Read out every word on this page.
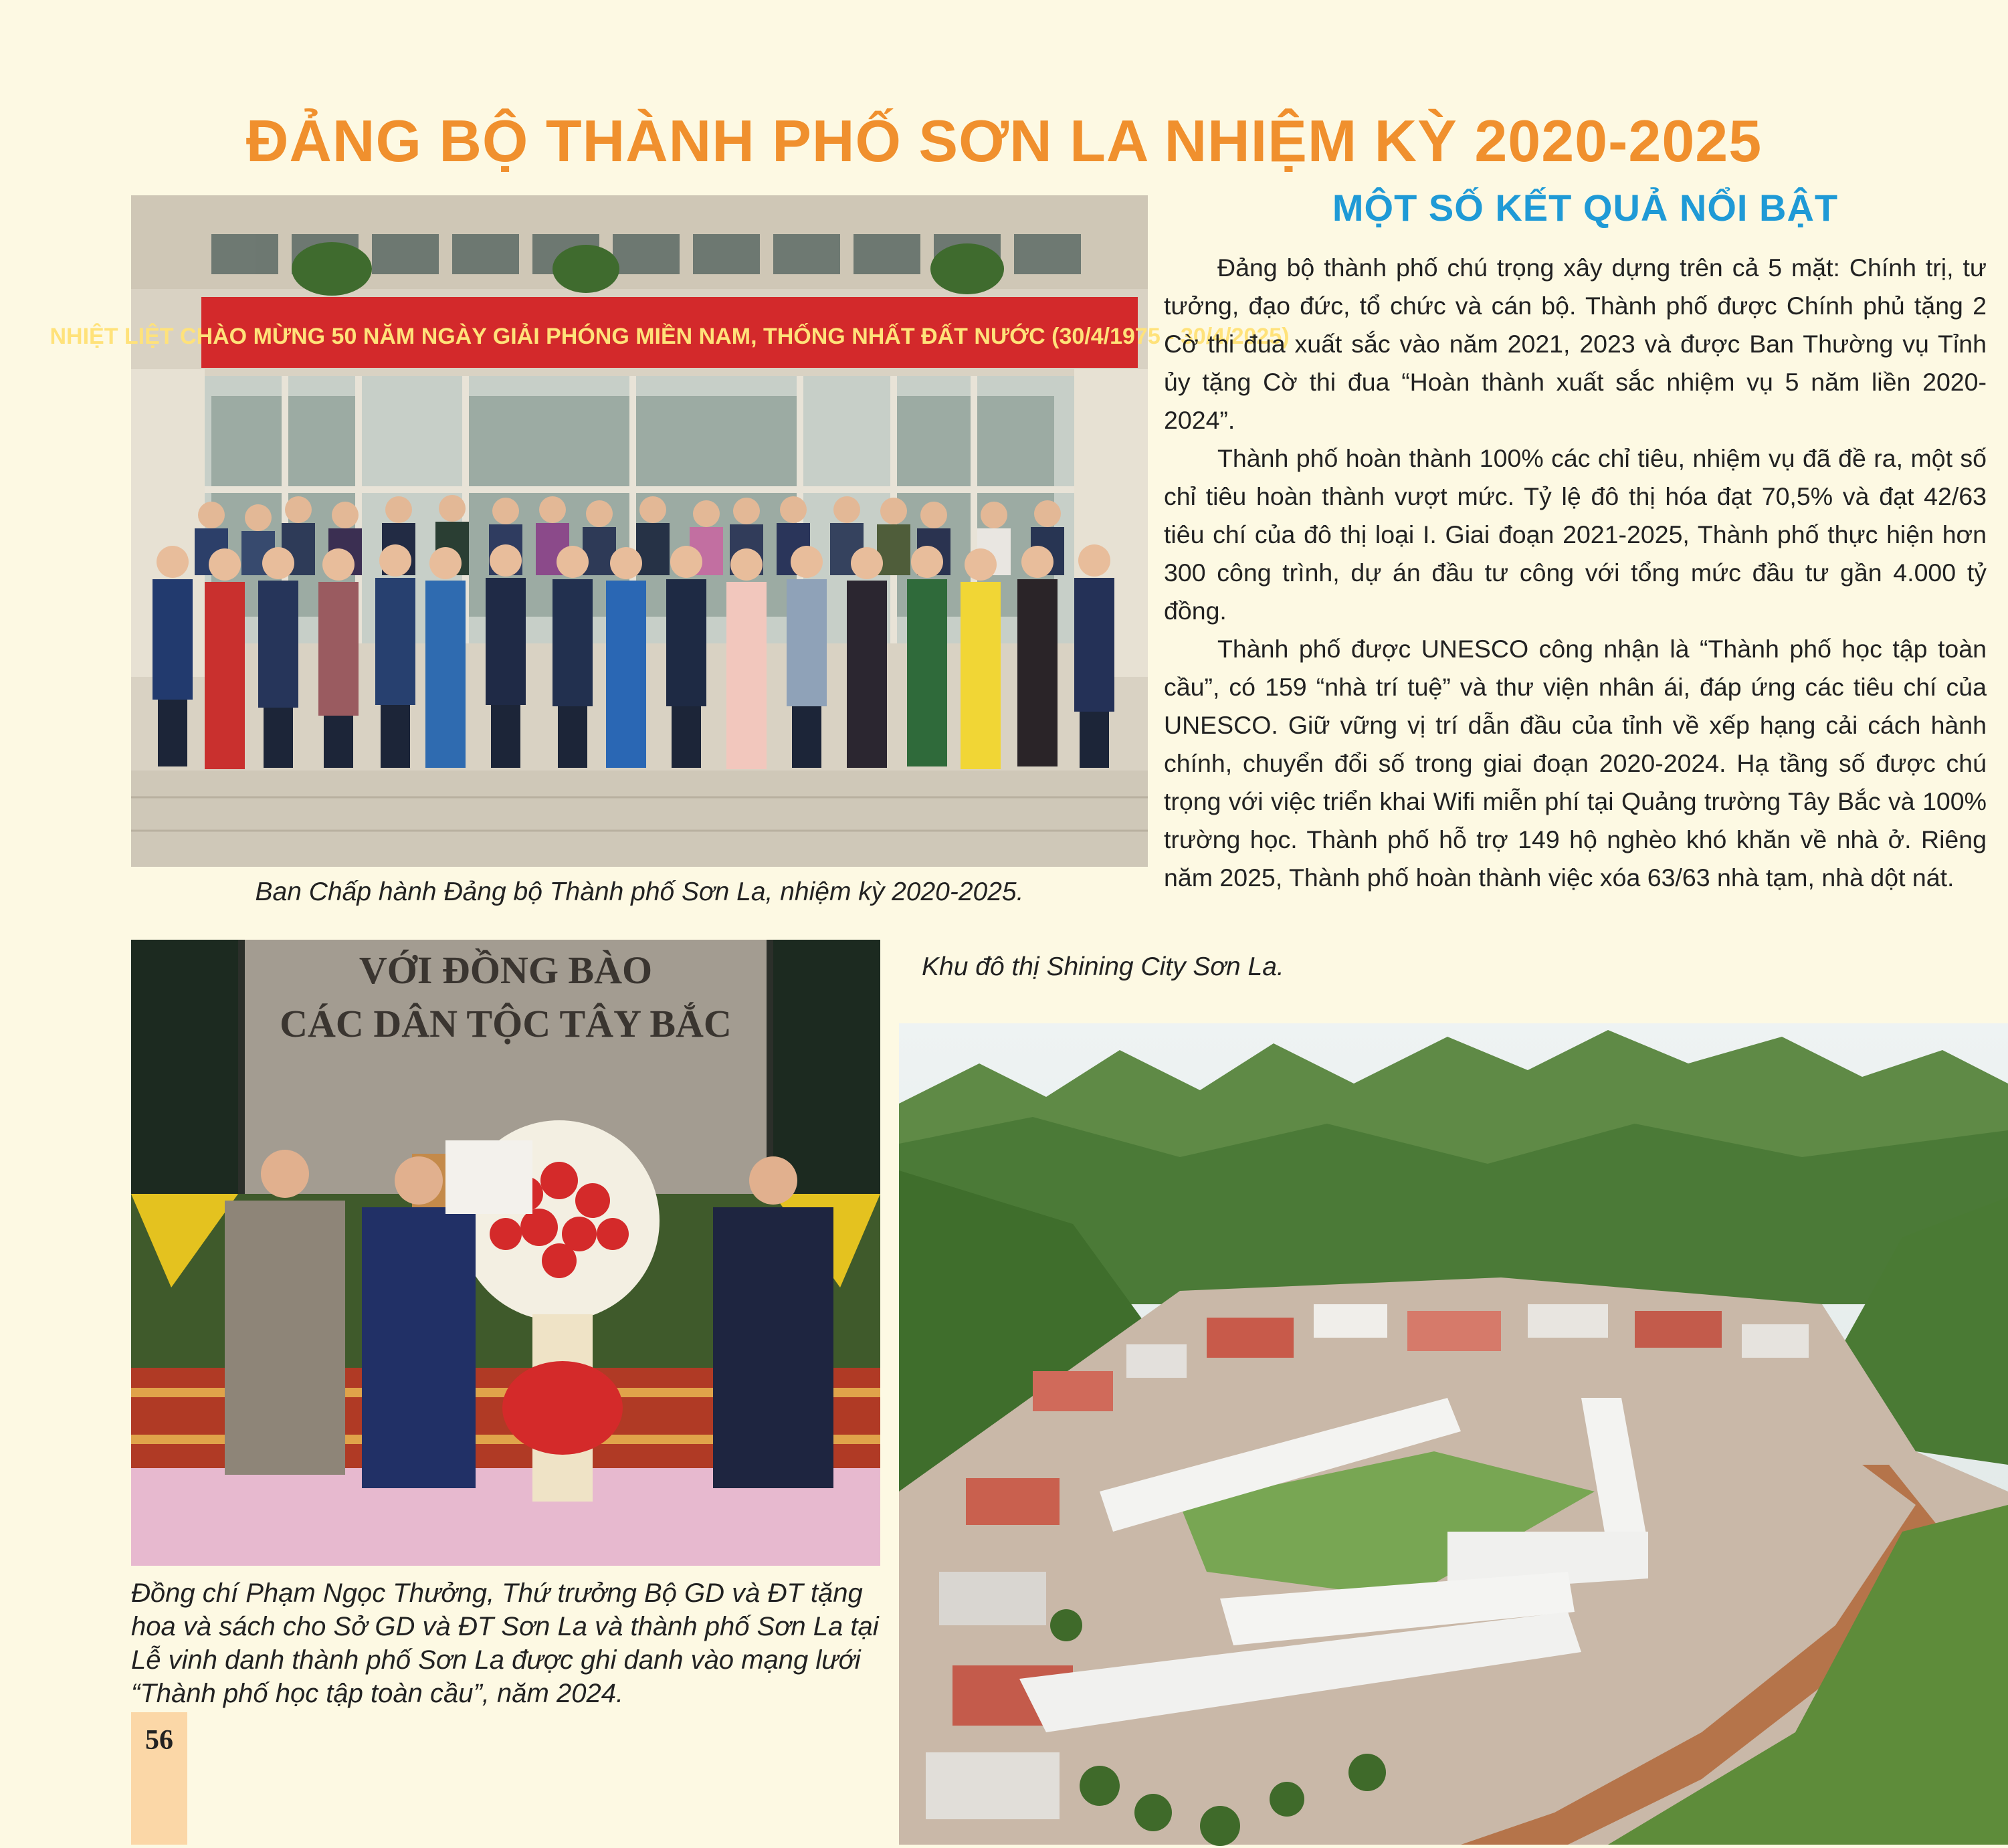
ĐẢNG BỘ THÀNH PHỐ SƠN LA NHIỆM KỲ 2020-2025
NHIỆT LIỆT CHÀO MỪNG 50 NĂM NGÀY GIẢI PHÓNG MIỀN NAM, THỐNG NHẤT ĐẤT NƯỚC (30/4/1975 - 30/4/2025)
Ban Chấp hành Đảng bộ Thành phố Sơn La, nhiệm kỳ 2020-2025.
MỘT SỐ KẾT QUẢ NỔI BẬT

Đảng bộ thành phố chú trọng xây dựng trên cả 5 mặt: Chính trị, tư tưởng, đạo đức, tổ chức và cán bộ. Thành phố được Chính phủ tặng 2 Cờ thi đua xuất sắc vào năm 2021, 2023 và được Ban Thường vụ Tỉnh ủy tặng Cờ thi đua “Hoàn thành xuất sắc nhiệm vụ 5 năm liền 2020-2024”.

Thành phố hoàn thành 100% các chỉ tiêu, nhiệm vụ đã đề ra, một số chỉ tiêu hoàn thành vượt mức. Tỷ lệ đô thị hóa đạt 70,5% và đạt 42/63 tiêu chí của đô thị loại I. Giai đoạn 2021-2025, Thành phố thực hiện hơn 300 công trình, dự án đầu tư công với tổng mức đầu tư gần 4.000 tỷ đồng.

Thành phố được UNESCO công nhận là “Thành phố học tập toàn cầu”, có 159 “nhà trí tuệ” và thư viện nhân ái, đáp ứng các tiêu chí của UNESCO. Giữ vững vị trí dẫn đầu của tỉnh về xếp hạng cải cách hành chính, chuyển đổi số trong giai đoạn 2020-2024. Hạ tầng số được chú trọng với việc triển khai Wifi miễn phí tại Quảng trường Tây Bắc và 100% trường học. Thành phố hỗ trợ 149 hộ nghèo khó khăn về nhà ở. Riêng năm 2025, Thành phố hoàn thành việc xóa 63/63 nhà tạm, nhà dột nát.

VỚI ĐỒNG BÀO
CÁC DÂN TỘC TÂY BẮC
Đồng chí Phạm Ngọc Thưởng, Thứ trưởng Bộ GD và ĐT tặng hoa và sách cho Sở GD và ĐT Sơn La và thành phố Sơn La tại Lễ vinh danh thành phố Sơn La được ghi danh vào mạng lưới “Thành phố học tập toàn cầu”, năm 2024.
Khu đô thị Shining City Sơn La.
56
